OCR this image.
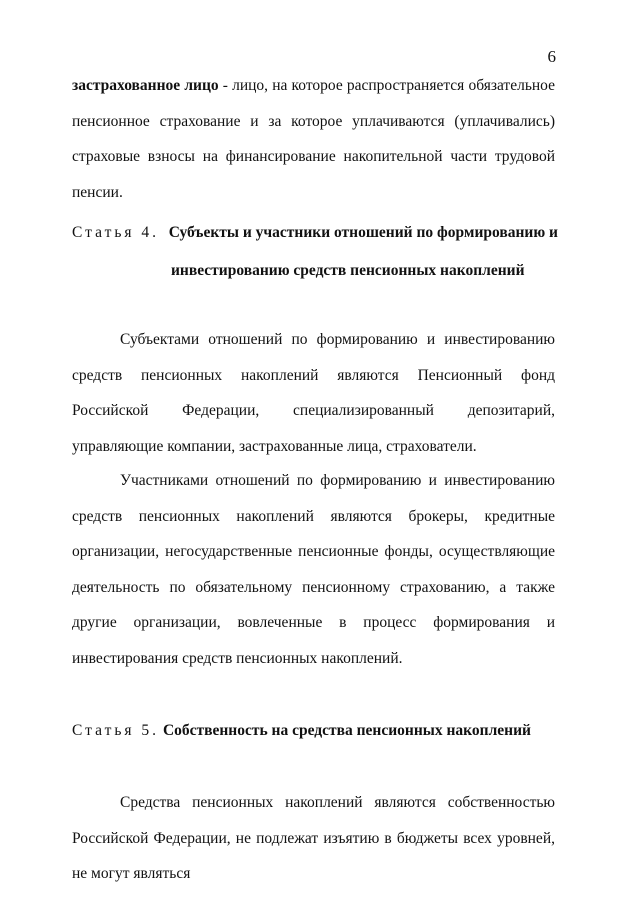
6

застрахованное лицо - лицо, на которое распространяется обязательное пенсионное страхование и за которое уплачиваются (уплачивались) страховые взносы на финансирование накопительной части трудовой пенсии.

Статья 4. Субъекты и участники отношений по формированию и
инвестированию средств пенсионных накоплений

Субъектами отношений по формированию и инвестированию средств пенсионных накоплений являются Пенсионный фонд Российской Федерации, специализированный депозитарий, управляющие компании, застрахованные лица, страхователи.

Участниками отношений по формированию и инвестированию средств пенсионных накоплений являются брокеры, кредитные организации, негосударственные пенсионные фонды, осуществляющие деятельность по обязательному пенсионному страхованию, а также другие организации, вовлеченные в процесс формирования и инвестирования средств пенсионных накоплений.

Статья 5. Собственность на средства пенсионных накоплений

Средства пенсионных накоплений являются собственностью Российской Федерации, не подлежат изъятию в бюджеты всех уровней, не могут являться
